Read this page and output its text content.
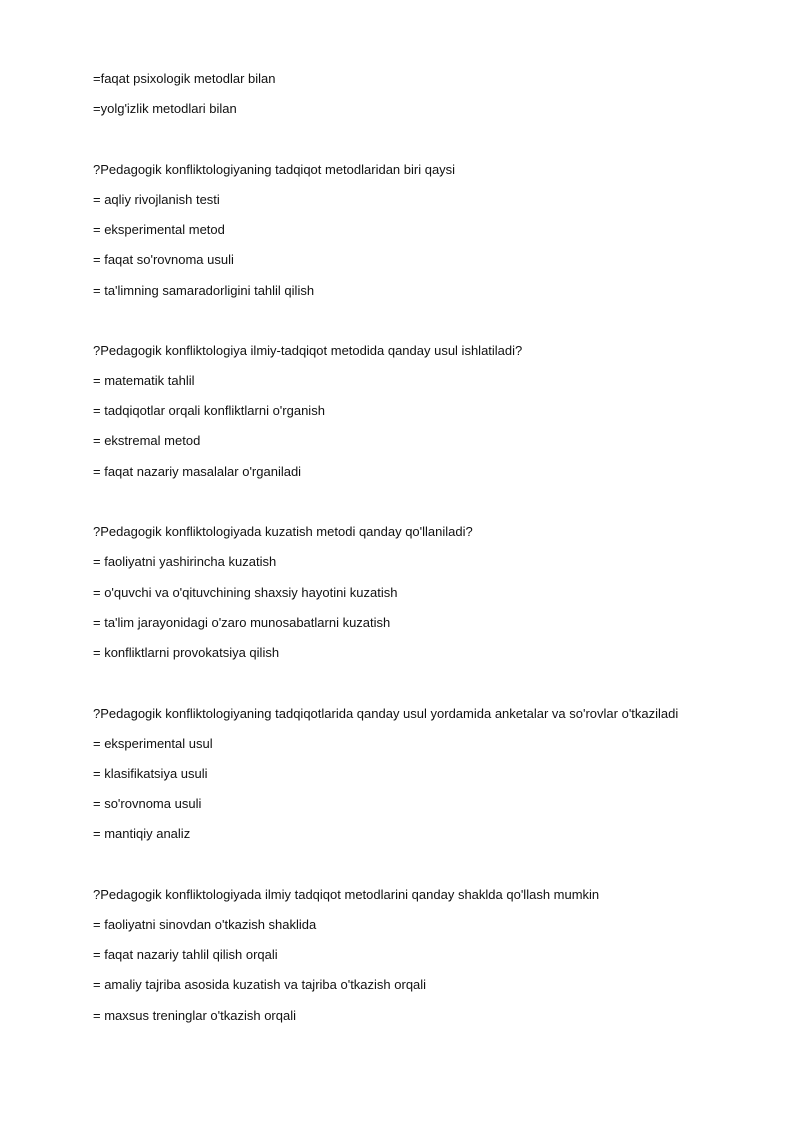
=faqat psixologik metodlar bilan
=yolg'izlik metodlari bilan
?Pedagogik konfliktologiyaning tadqiqot metodlaridan biri qaysi
= aqliy rivojlanish testi
= eksperimental metod
= faqat so'rovnoma usuli
= ta'limning samaradorligini tahlil qilish
?Pedagogik konfliktologiya ilmiy-tadqiqot metodida qanday usul ishlatiladi?
= matematik tahlil
= tadqiqotlar orqali konfliktlarni o'rganish
= ekstremal metod
= faqat nazariy masalalar o'rganiladi
?Pedagogik konfliktologiyada kuzatish metodi qanday qo'llaniladi?
= faoliyatni yashirincha kuzatish
= o'quvchi va o'qituvchining shaxsiy hayotini kuzatish
= ta'lim jarayonidagi o'zaro munosabatlarni kuzatish
= konfliktlarni provokatsiya qilish
?Pedagogik konfliktologiyaning tadqiqotlarida qanday usul yordamida anketalar va so'rovlar o'tkaziladi
= eksperimental usul
= klasifikatsiya usuli
= so'rovnoma usuli
= mantiqiy analiz
?Pedagogik konfliktologiyada ilmiy tadqiqot metodlarini qanday shaklda qo'llash mumkin
= faoliyatni sinovdan o'tkazish shaklida
= faqat nazariy tahlil qilish orqali
= amaliy tajriba asosida kuzatish va tajriba o'tkazish orqali
= maxsus treninglar o'tkazish orqali
